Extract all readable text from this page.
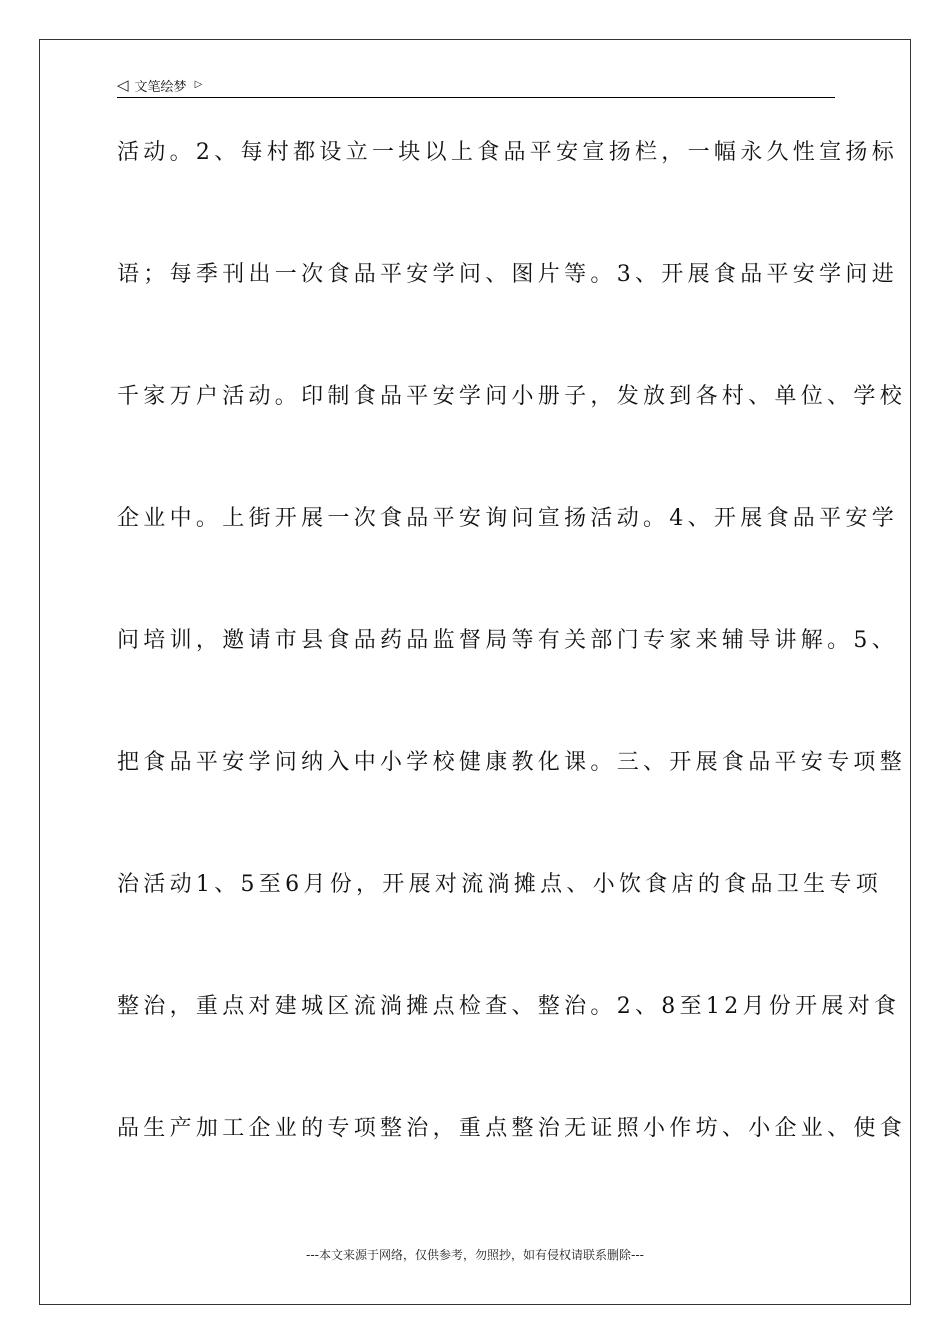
◁ 文笔绘梦 ▷
活动。2、每村都设立一块以上食品平安宣扬栏，一幅永久性宣扬标
语；每季刊出一次食品平安学问、图片等。3、开展食品平安学问进
千家万户活动。印制食品平安学问小册子，发放到各村、单位、学校
企业中。上街开展一次食品平安询问宣扬活动。4、开展食品平安学
问培训，邀请市县食品药品监督局等有关部门专家来辅导讲解。5、
把食品平安学问纳入中小学校健康教化课。三、开展食品平安专项整
治活动1、5至6月份，开展对流淌摊点、小饮食店的食品卫生专项
整治，重点对建城区流淌摊点检查、整治。2、8至12月份开展对食
品生产加工企业的专项整治，重点整治无证照小作坊、小企业、使食
---本文来源于网络，仅供参考，勿照抄，如有侵权请联系删除---
